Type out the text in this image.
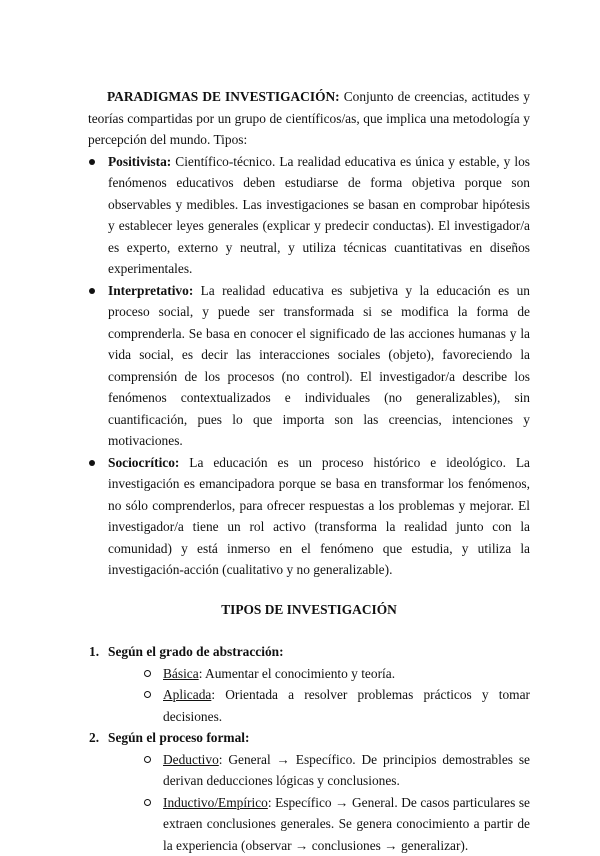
PARADIGMAS DE INVESTIGACIÓN: Conjunto de creencias, actitudes y teorías compartidas por un grupo de científicos/as, que implica una metodología y percepción del mundo. Tipos:

Positivista: Científico-técnico. La realidad educativa es única y estable, y los fenómenos educativos deben estudiarse de forma objetiva porque son observables y medibles. Las investigaciones se basan en comprobar hipótesis y establecer leyes generales (explicar y predecir conductas). El investigador/a es experto, externo y neutral, y utiliza técnicas cuantitativas en diseños experimentales.
Interpretativo: La realidad educativa es subjetiva y la educación es un proceso social, y puede ser transformada si se modifica la forma de comprenderla. Se basa en conocer el significado de las acciones humanas y la vida social, es decir las interacciones sociales (objeto), favoreciendo la comprensión de los procesos (no control). El investigador/a describe los fenómenos contextualizados e individuales (no generalizables), sin cuantificación, pues lo que importa son las creencias, intenciones y motivaciones.
Sociocrítico: La educación es un proceso histórico e ideológico. La investigación es emancipadora porque se basa en transformar los fenómenos, no sólo comprenderlos, para ofrecer respuestas a los problemas y mejorar. El investigador/a tiene un rol activo (transforma la realidad junto con la comunidad) y está inmerso en el fenómeno que estudia, y utiliza la investigación-acción (cualitativo y no generalizable).
TIPOS DE INVESTIGACIÓN
1. Según el grado de abstracción:
Básica: Aumentar el conocimiento y teoría.
Aplicada: Orientada a resolver problemas prácticos y tomar decisiones.
2. Según el proceso formal:
Deductivo: General → Específico. De principios demostrables se derivan deducciones lógicas y conclusiones.
Inductivo/Empírico: Específico → General. De casos particulares se extraen conclusiones generales. Se genera conocimiento a partir de la experiencia (observar → conclusiones → generalizar).
